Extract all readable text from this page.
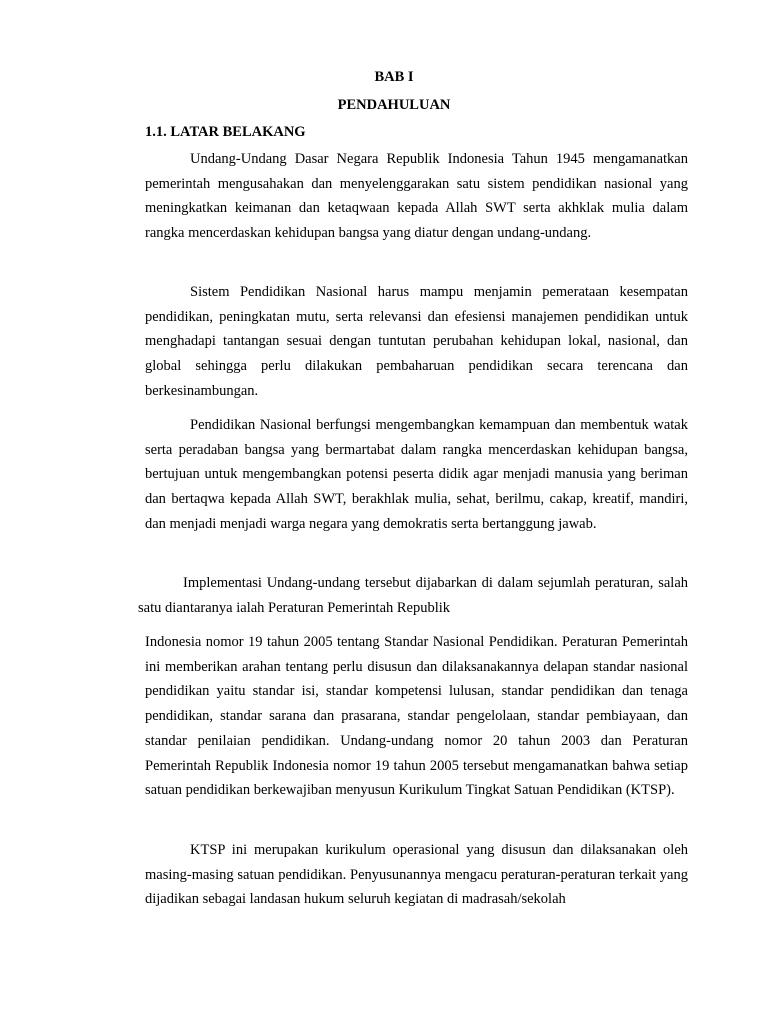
BAB I
PENDAHULUAN
1.1. LATAR BELAKANG

Undang-Undang Dasar Negara Republik Indonesia Tahun 1945 mengamanatkan pemerintah mengusahakan dan menyelenggarakan satu sistem pendidikan nasional yang meningkatkan keimanan dan ketaqwaan kepada Allah SWT serta akhklak mulia dalam rangka mencerdaskan kehidupan bangsa yang diatur dengan undang-undang.

Sistem Pendidikan Nasional harus mampu menjamin pemerataan kesempatan pendidikan, peningkatan mutu, serta relevansi dan efesiensi manajemen pendidikan untuk menghadapi tantangan sesuai dengan tuntutan perubahan kehidupan lokal, nasional, dan global sehingga perlu dilakukan pembaharuan pendidikan secara terencana dan berkesinambungan.

Pendidikan Nasional berfungsi mengembangkan kemampuan dan membentuk watak serta peradaban bangsa yang bermartabat dalam rangka mencerdaskan kehidupan bangsa, bertujuan untuk mengembangkan potensi peserta didik agar menjadi manusia yang beriman dan bertaqwa kepada Allah SWT, berakhlak mulia, sehat, berilmu, cakap, kreatif, mandiri, dan menjadi menjadi warga negara yang demokratis serta bertanggung jawab.

Implementasi Undang-undang tersebut dijabarkan di dalam sejumlah peraturan, salah satu diantaranya ialah Peraturan Pemerintah Republik

Indonesia nomor 19 tahun 2005 tentang Standar Nasional Pendidikan. Peraturan Pemerintah ini memberikan arahan tentang perlu disusun dan dilaksanakannya delapan standar nasional pendidikan yaitu standar isi, standar kompetensi lulusan, standar pendidikan dan tenaga pendidikan, standar sarana dan prasarana, standar pengelolaan, standar pembiayaan, dan standar penilaian pendidikan. Undang-undang nomor 20 tahun 2003 dan Peraturan Pemerintah Republik Indonesia nomor 19 tahun 2005 tersebut mengamanatkan bahwa setiap satuan pendidikan berkewajiban menyusun Kurikulum Tingkat Satuan Pendidikan (KTSP).

KTSP ini merupakan kurikulum operasional yang disusun dan dilaksanakan oleh masing-masing satuan pendidikan. Penyusunannya mengacu peraturan-peraturan terkait yang dijadikan sebagai landasan hukum seluruh kegiatan di madrasah/sekolah
